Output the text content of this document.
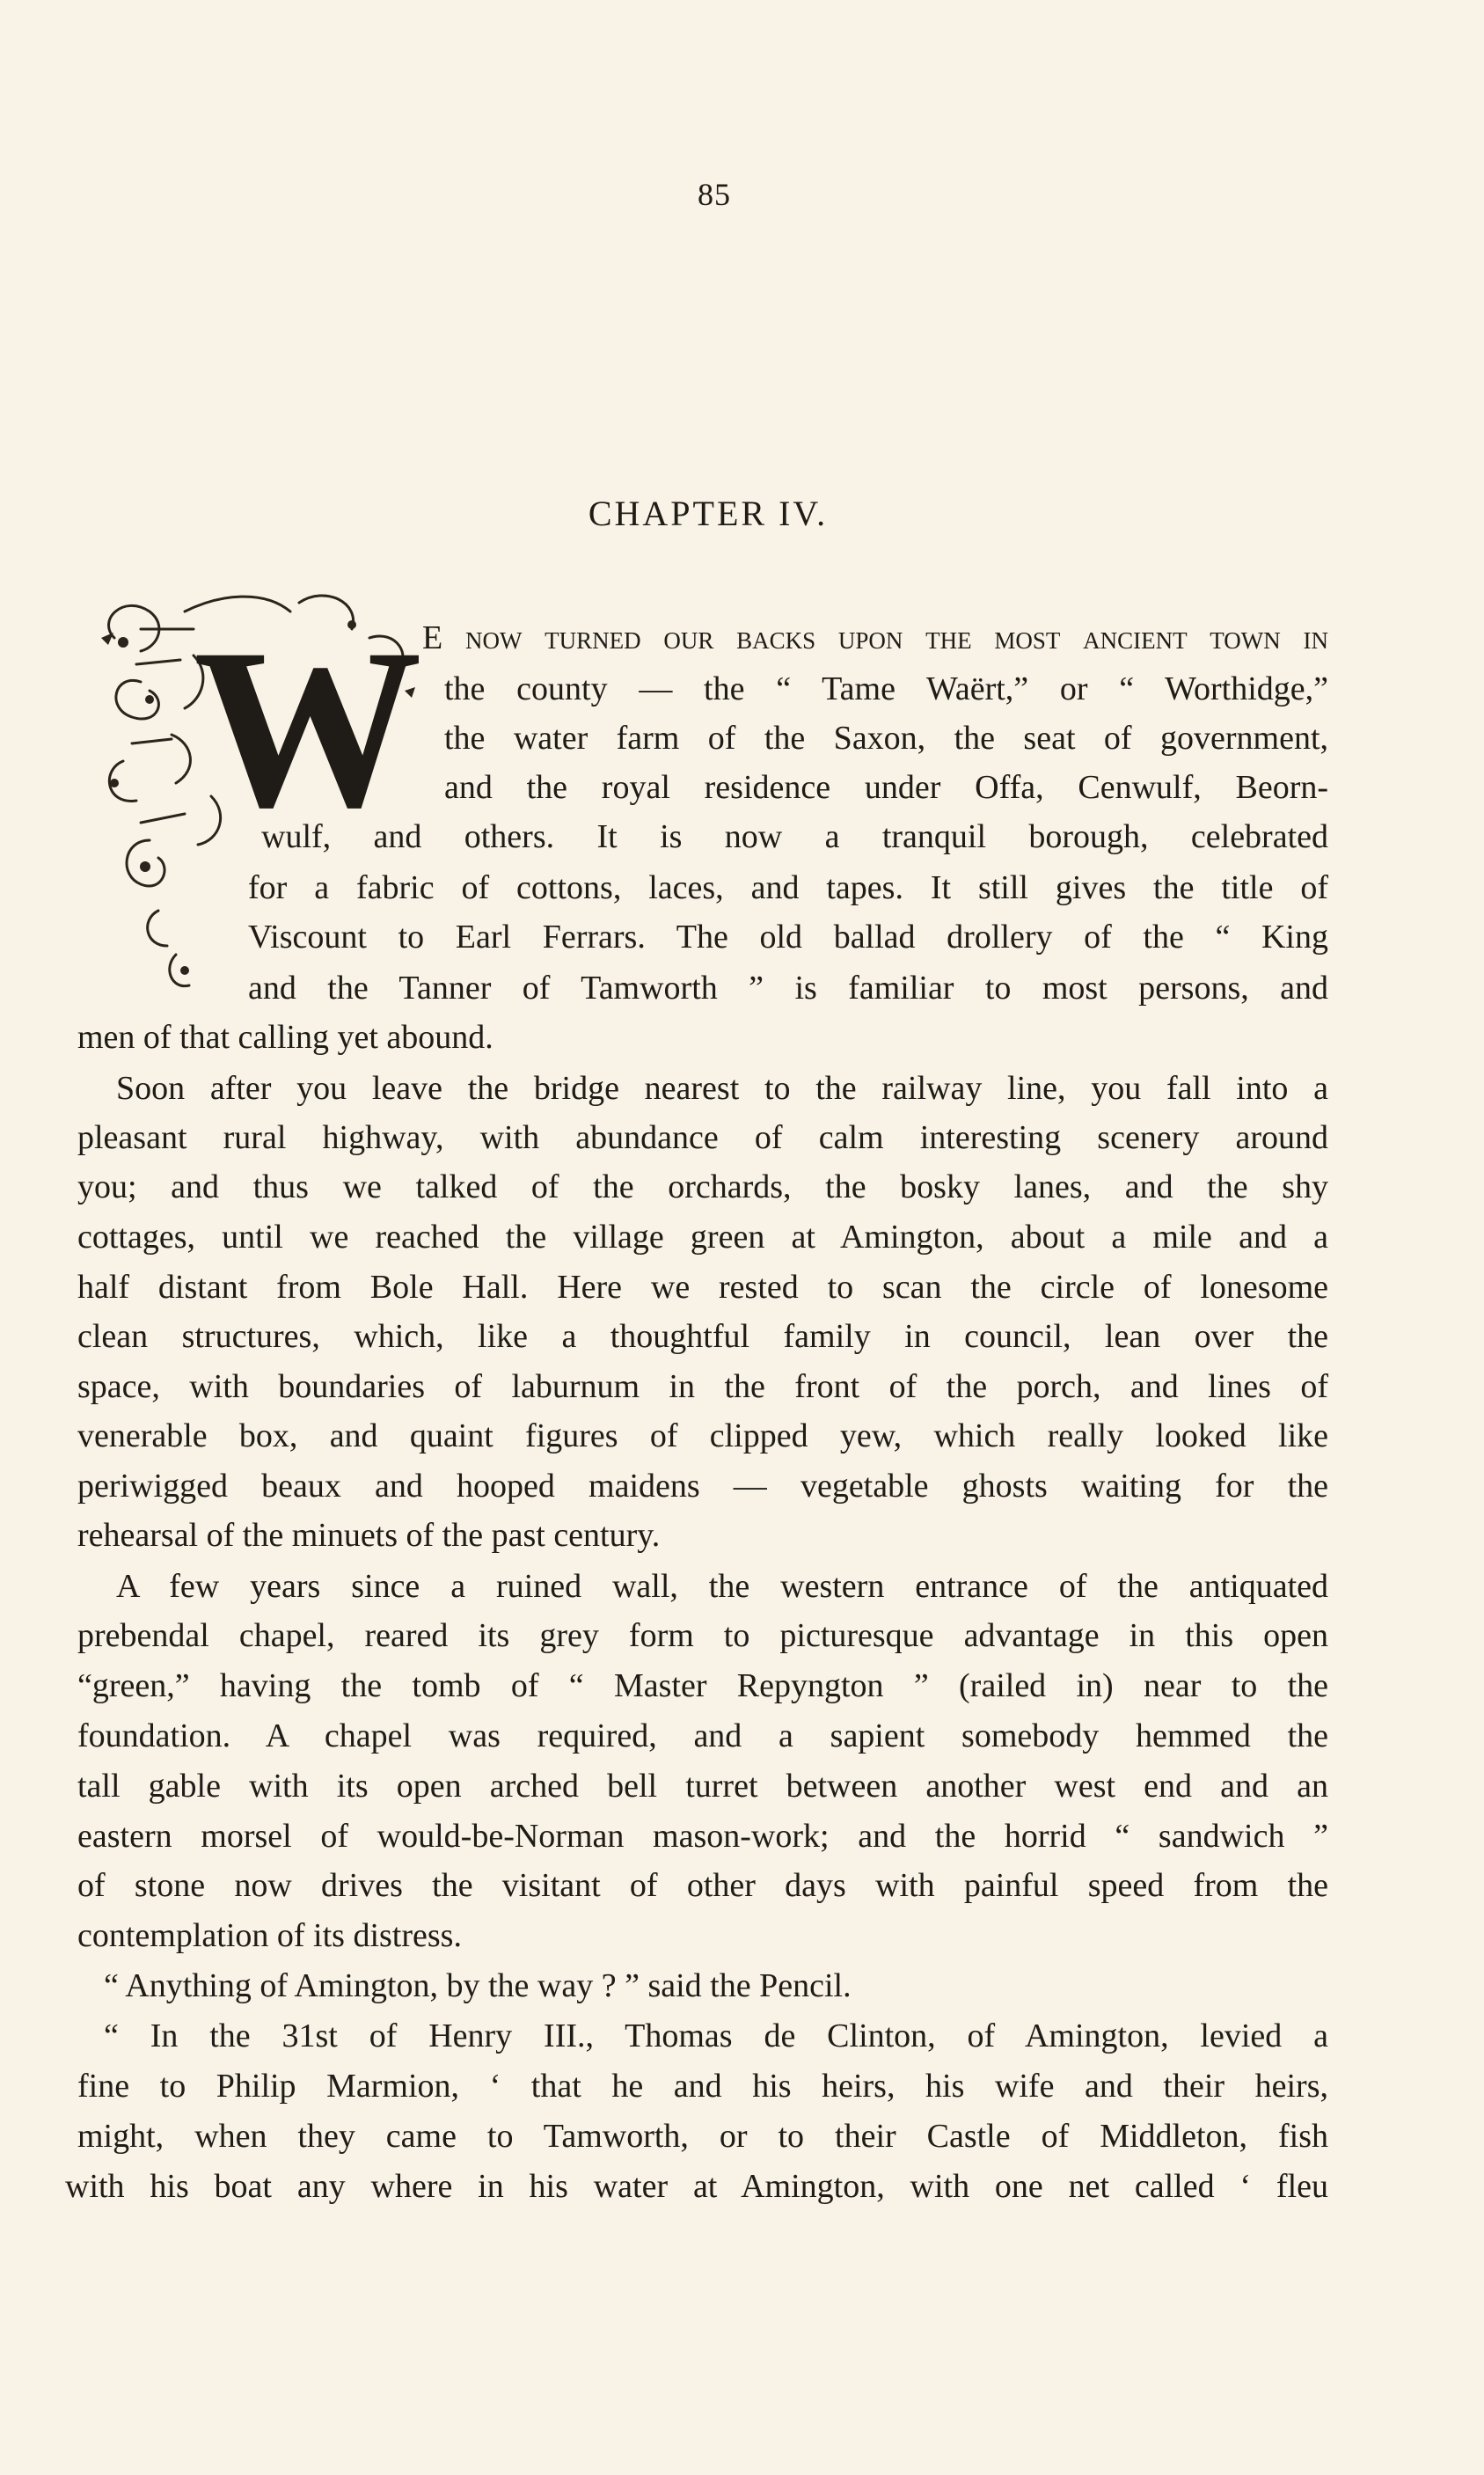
85
CHAPTER IV.
W E now turned our backs upon the most ancient town in
the county — the “ Tame Waërt,” or “ Worthidge,”
the water farm of the Saxon, the seat of government,
and the royal residence under Offa, Cenwulf, Beorn-
wulf, and others. It is now a tranquil borough, celebrated
for a fabric of cottons, laces, and tapes. It still gives the title of
Viscount to Earl Ferrars. The old ballad drollery of the “ King
and the Tanner of Tamworth ” is familiar to most persons, and
men of that calling yet abound.
Soon after you leave the bridge nearest to the railway line, you fall into a
pleasant rural highway, with abundance of calm interesting scenery around
you; and thus we talked of the orchards, the bosky lanes, and the shy
cottages, until we reached the village green at Amington, about a mile and a
half distant from Bole Hall. Here we rested to scan the circle of lonesome
clean structures, which, like a thoughtful family in council, lean over the
space, with boundaries of laburnum in the front of the porch, and lines of
venerable box, and quaint figures of clipped yew, which really looked like
periwigged beaux and hooped maidens — vegetable ghosts waiting for the
rehearsal of the minuets of the past century.
A few years since a ruined wall, the western entrance of the antiquated
prebendal chapel, reared its grey form to picturesque advantage in this open
“green,” having the tomb of “ Master Repyngton ” (railed in) near to the
foundation. A chapel was required, and a sapient somebody hemmed the
tall gable with its open arched bell turret between another west end and an
eastern morsel of would-be-Norman mason-work; and the horrid “ sandwich ”
of stone now drives the visitant of other days with painful speed from the
contemplation of its distress.
“ Anything of Amington, by the way ? ” said the Pencil.
“ In the 31st of Henry III., Thomas de Clinton, of Amington, levied a
fine to Philip Marmion, ‘ that he and his heirs, his wife and their heirs,
might, when they came to Tamworth, or to their Castle of Middleton, fish
with his boat any where in his water at Amington, with one net called ‘ fleu
